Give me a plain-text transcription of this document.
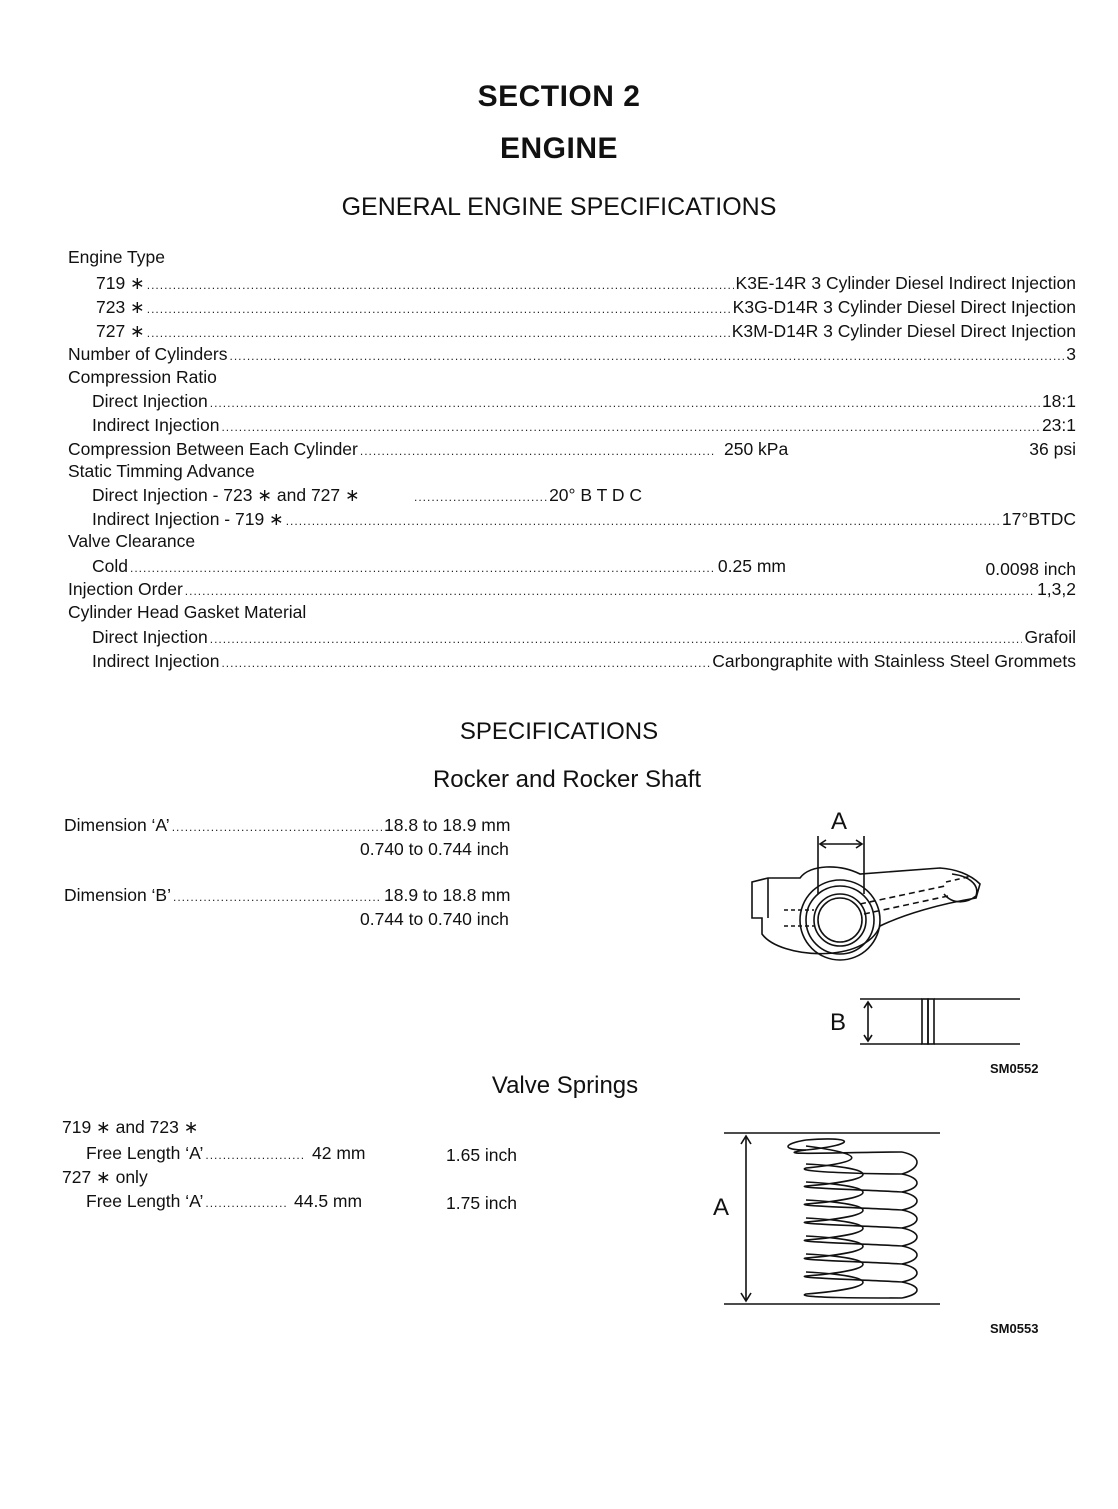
SECTION 2
ENGINE
GENERAL ENGINE SPECIFICATIONS
Engine Type
719 ∗ .....	K3E-14R 3 Cylinder Diesel Indirect Injection
723 ∗ .....	K3G-D14R 3 Cylinder Diesel Direct Injection
727 ∗ .....	K3M-D14R 3 Cylinder Diesel Direct Injection
Number of Cylinders .....	3
Compression Ratio
Direct Injection .....	18:1
Indirect Injection .....	23:1
Compression Between Each Cylinder .....	250 kPa	36 psi
Static Timming Advance
Direct Injection - 723 ∗ and 727 ∗ .....	20° B T D C
Indirect Injection - 719 ∗ .....	17°BTDC
Valve Clearance
Cold .....	0.25 mm	0.0098 inch
Injection Order .....	1,3,2
Cylinder Head Gasket Material
Direct Injection .....	Grafoil
Indirect Injection .....	Carbongraphite with Stainless Steel Grommets
SPECIFICATIONS
Rocker and Rocker Shaft
Dimension ‘A’ .....	18.8 to 18.9 mm
0.740 to 0.744 inch
Dimension ‘B’ .....	18.9 to 18.8 mm
0.744 to 0.740 inch
A
B
SM0552
Valve Springs
719 ∗ and 723 ∗
Free Length ‘A’ .....	42 mm	1.65 inch
727 ∗ only
Free Length ‘A’ .....	44.5 mm	1.75 inch	A
SM0553
